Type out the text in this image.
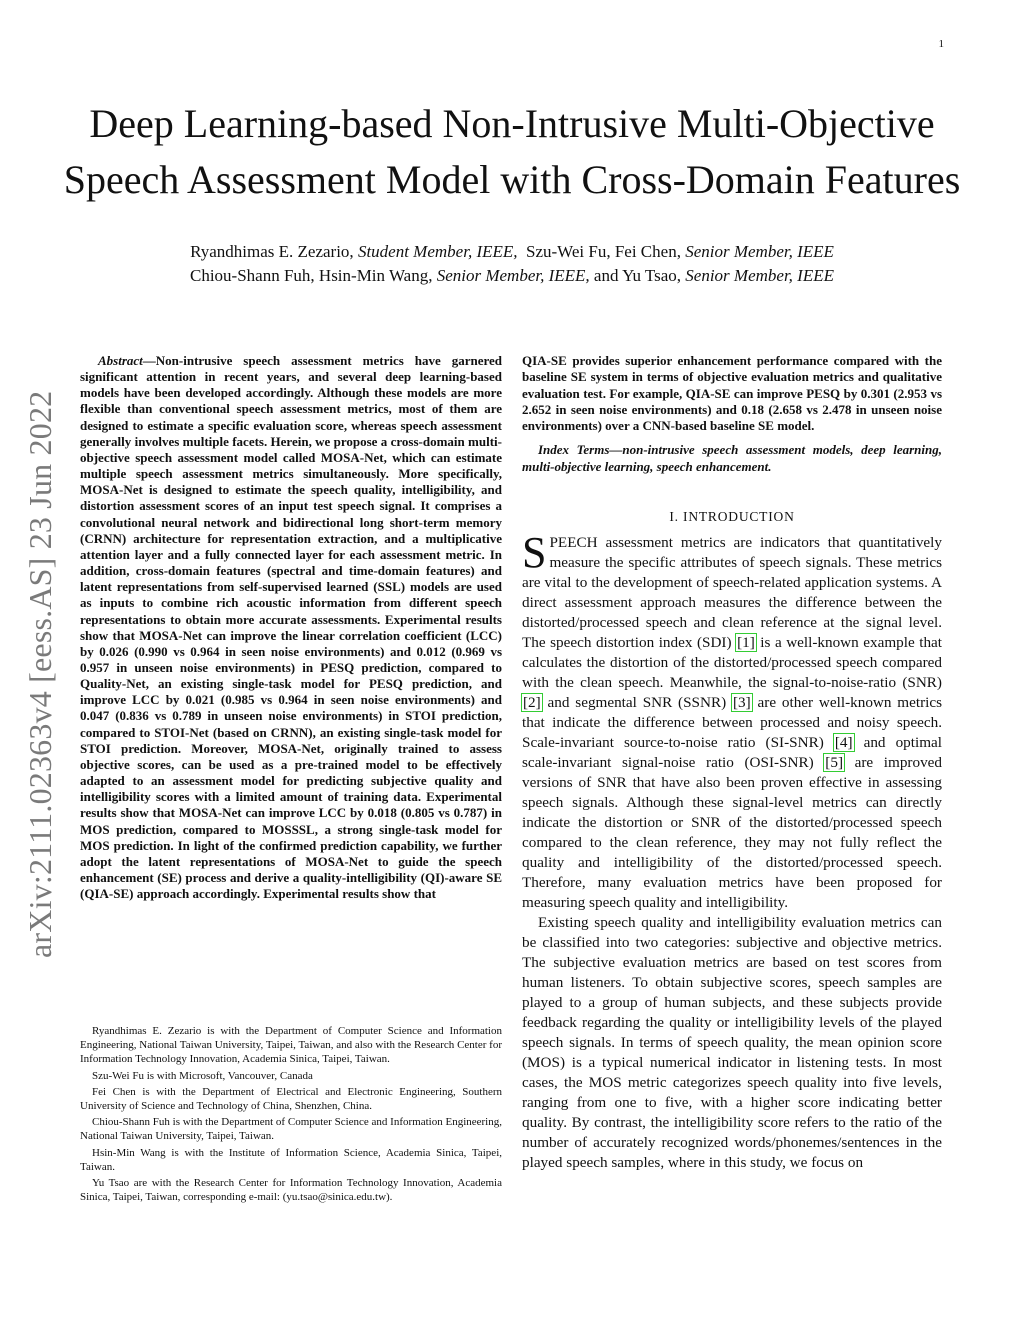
1
arXiv:2111.02363v4 [eess.AS] 23 Jun 2022
Deep Learning-based Non-Intrusive Multi-Objective Speech Assessment Model with Cross-Domain Features
Ryandhimas E. Zezario, Student Member, IEEE, Szu-Wei Fu, Fei Chen, Senior Member, IEEE
Chiou-Shann Fuh, Hsin-Min Wang, Senior Member, IEEE, and Yu Tsao, Senior Member, IEEE

Abstract—Non-intrusive speech assessment metrics have garnered significant attention in recent years, and several deep learning-based models have been developed accordingly. Although these models are more flexible than conventional speech assessment metrics, most of them are designed to estimate a specific evaluation score, whereas speech assessment generally involves multiple facets. Herein, we propose a cross-domain multi-objective speech assessment model called MOSA-Net, which can estimate multiple speech assessment metrics simultaneously. More specifically, MOSA-Net is designed to estimate the speech quality, intelligibility, and distortion assessment scores of an input test speech signal. It comprises a convolutional neural network and bidirectional long short-term memory (CRNN) architecture for representation extraction, and a multiplicative attention layer and a fully connected layer for each assessment metric. In addition, cross-domain features (spectral and time-domain features) and latent representations from self-supervised learned (SSL) models are used as inputs to combine rich acoustic information from different speech representations to obtain more accurate assessments. Experimental results show that MOSA-Net can improve the linear correlation coefficient (LCC) by 0.026 (0.990 vs 0.964 in seen noise environments) and 0.012 (0.969 vs 0.957 in unseen noise environments) in PESQ prediction, compared to Quality-Net, an existing single-task model for PESQ prediction, and improve LCC by 0.021 (0.985 vs 0.964 in seen noise environments) and 0.047 (0.836 vs 0.789 in unseen noise environments) in STOI prediction, compared to STOI-Net (based on CRNN), an existing single-task model for STOI prediction. Moreover, MOSA-Net, originally trained to assess objective scores, can be used as a pre-trained model to be effectively adapted to an assessment model for predicting subjective quality and intelligibility scores with a limited amount of training data. Experimental results show that MOSA-Net can improve LCC by 0.018 (0.805 vs 0.787) in MOS prediction, compared to MOSSSL, a strong single-task model for MOS prediction. In light of the confirmed prediction capability, we further adopt the latent representations of MOSA-Net to guide the speech enhancement (SE) process and derive a quality-intelligibility (QI)-aware SE (QIA-SE) approach accordingly. Experimental results show that

Ryandhimas E. Zezario is with the Department of Computer Science and Information Engineering, National Taiwan University, Taipei, Taiwan, and also with the Research Center for Information Technology Innovation, Academia Sinica, Taipei, Taiwan.

Szu-Wei Fu is with Microsoft, Vancouver, Canada

Fei Chen is with the Department of Electrical and Electronic Engineering, Southern University of Science and Technology of China, Shenzhen, China.

Chiou-Shann Fuh is with the Department of Computer Science and Information Engineering, National Taiwan University, Taipei, Taiwan.

Hsin-Min Wang is with the Institute of Information Science, Academia Sinica, Taipei, Taiwan.

Yu Tsao are with the Research Center for Information Technology Innovation, Academia Sinica, Taipei, Taiwan, corresponding e-mail: (yu.tsao@sinica.edu.tw).

QIA-SE provides superior enhancement performance compared with the baseline SE system in terms of objective evaluation metrics and qualitative evaluation test. For example, QIA-SE can improve PESQ by 0.301 (2.953 vs 2.652 in seen noise environments) and 0.18 (2.658 vs 2.478 in unseen noise environments) over a CNN-based baseline SE model.

Index Terms—non-intrusive speech assessment models, deep learning, multi-objective learning, speech enhancement.

I. INTRODUCTION

SPEECH assessment metrics are indicators that quantitatively measure the specific attributes of speech signals. These metrics are vital to the development of speech-related application systems. A direct assessment approach measures the difference between the distorted/processed speech and clean reference at the signal level. The speech distortion index (SDI) [1] is a well-known example that calculates the distortion of the distorted/processed speech compared with the clean speech. Meanwhile, the signal-to-noise-ratio (SNR) [2] and segmental SNR (SSNR) [3] are other well-known metrics that indicate the difference between processed and noisy speech. Scale-invariant source-to-noise ratio (SI-SNR) [4] and optimal scale-invariant signal-noise ratio (OSI-SNR) [5] are improved versions of SNR that have also been proven effective in assessing speech signals. Although these signal-level metrics can directly indicate the distortion or SNR of the distorted/processed speech compared to the clean reference, they may not fully reflect the quality and intelligibility of the distorted/processed speech. Therefore, many evaluation metrics have been proposed for measuring speech quality and intelligibility.

Existing speech quality and intelligibility evaluation metrics can be classified into two categories: subjective and objective metrics. The subjective evaluation metrics are based on test scores from human listeners. To obtain subjective scores, speech samples are played to a group of human subjects, and these subjects provide feedback regarding the quality or intelligibility levels of the played speech signals. In terms of speech quality, the mean opinion score (MOS) is a typical numerical indicator in listening tests. In most cases, the MOS metric categorizes speech quality into five levels, ranging from one to five, with a higher score indicating better quality. By contrast, the intelligibility score refers to the ratio of the number of accurately recognized words/phonemes/sentences in the played speech samples, where in this study, we focus on
